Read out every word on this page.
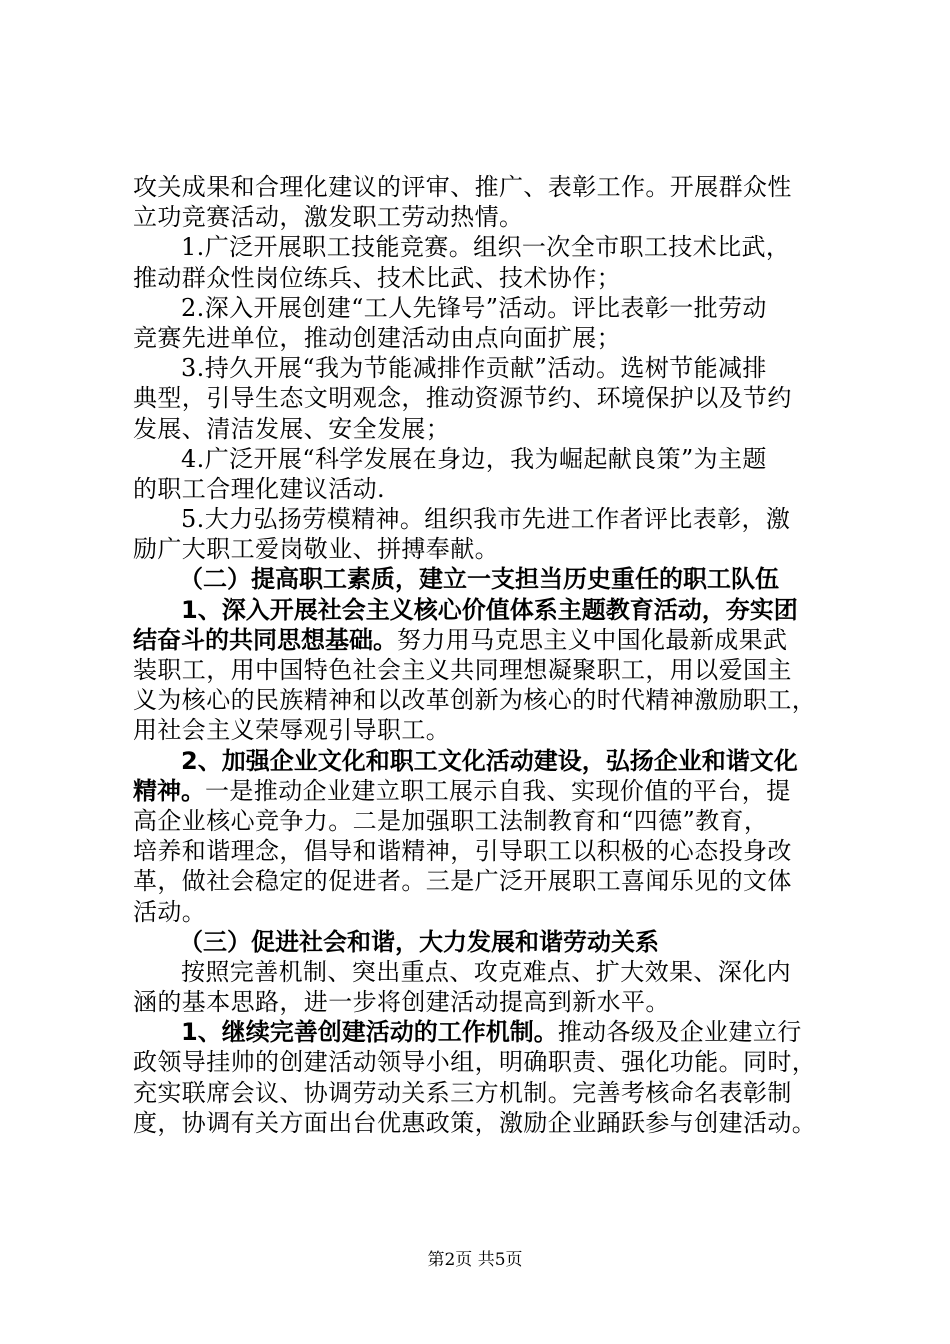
攻关成果和合理化建议的评审、推广、表彰工作。开展群众性
立功竞赛活动，激发职工劳动热情。
1.广泛开展职工技能竞赛。组织一次全市职工技术比武，
推动群众性岗位练兵、技术比武、技术协作；
2.深入开展创建“工人先锋号”活动。评比表彰一批劳动
竞赛先进单位，推动创建活动由点向面扩展；
3.持久开展“我为节能减排作贡献”活动。选树节能减排
典型，引导生态文明观念，推动资源节约、环境保护以及节约
发展、清洁发展、安全发展；
4.广泛开展“科学发展在身边，我为崛起献良策”为主题
的职工合理化建议活动.
5.大力弘扬劳模精神。组织我市先进工作者评比表彰，激
励广大职工爱岗敬业、拼搏奉献。
（二）提高职工素质，建立一支担当历史重任的职工队伍
1、深入开展社会主义核心价值体系主题教育活动，夯实团
结奋斗的共同思想基础。努力用马克思主义中国化最新成果武
装职工，用中国特色社会主义共同理想凝聚职工，用以爱国主
义为核心的民族精神和以改革创新为核心的时代精神激励职工，
用社会主义荣辱观引导职工。
2、加强企业文化和职工文化活动建设，弘扬企业和谐文化
精神。一是推动企业建立职工展示自我、实现价值的平台，提
高企业核心竞争力。二是加强职工法制教育和“四德”教育，
培养和谐理念，倡导和谐精神，引导职工以积极的心态投身改
革，做社会稳定的促进者。三是广泛开展职工喜闻乐见的文体
活动。
（三）促进社会和谐，大力发展和谐劳动关系
按照完善机制、突出重点、攻克难点、扩大效果、深化内
涵的基本思路，进一步将创建活动提高到新水平。
1、继续完善创建活动的工作机制。推动各级及企业建立行
政领导挂帅的创建活动领导小组，明确职责、强化功能。同时，
充实联席会议、协调劳动关系三方机制。完善考核命名表彰制
度，协调有关方面出台优惠政策，激励企业踊跃参与创建活动。
第2页 共5页
